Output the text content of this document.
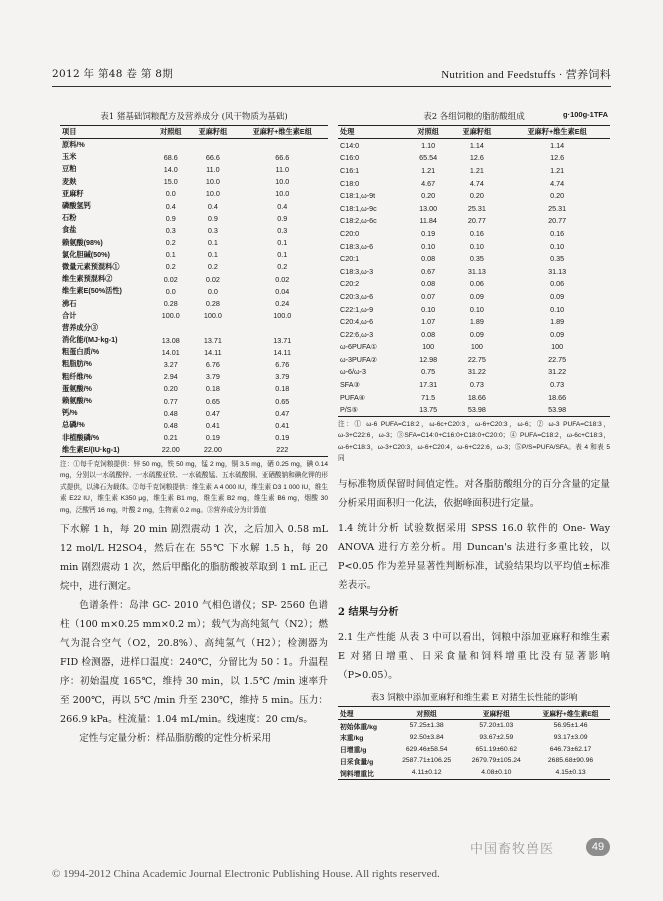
2012 年 第48 卷 第 8期	Nutrition and Feedstuffs · 营养饲料
表1 猪基础饲粮配方及营养成分 (风干物质为基础)
项目	对照组	亚麻籽组	亚麻籽+维生素E组
原料/%			
玉米	68.6	66.6	66.6
豆粕	14.0	11.0	11.0
麦麸	15.0	10.0	10.0
亚麻籽	0.0	10.0	10.0
磷酸氢钙	0.4	0.4	0.4
石粉	0.9	0.9	0.9
食盐	0.3	0.3	0.3
赖氨酸(98%)	0.2	0.1	0.1
氯化胆碱(50%)	0.1	0.1	0.1
微量元素预混料①	0.2	0.2	0.2
维生素预混料②	0.02	0.02	0.02
维生素E(50%活性)	0.0	0.0	0.04
沸石	0.28	0.28	0.24
合计	100.0	100.0	100.0
营养成分③			
消化能/(MJ·kg-1)	13.08	13.71	13.71
粗蛋白质/%	14.01	14.11	14.11
粗脂肪/%	3.27	6.76	6.76
粗纤维/%	2.94	3.79	3.79
蛋氨酸/%	0.20	0.18	0.18
赖氨酸/%	0.77	0.65	0.65
钙/%	0.48	0.47	0.47
总磷/%	0.48	0.41	0.41
非植酸磷/%	0.21	0.19	0.19
维生素E/(IU·kg-1)	22.00	22.00	222
注：①每千克饲粮提供：锌 50 mg，铁 50 mg，锰 2 mg，铜 3.5 mg，硒 0.25 mg，碘 0.14 mg，分别以一水硫酸锌、一水硫酸亚铁、一水硫酸锰、五水硫酸铜、亚硒酸钠和碘化钾的形式提供，以沸石为载体。②每千克饲粮提供：维生素 A 4 000 IU，维生素 D3 1 000 IU，维生素 E22 IU，维生素 K350 μg，维生素 B1 mg，维生素 B2 mg，维生素 B6 mg，烟酸 30 mg，泛酸钙 16 mg，叶酸 2 mg，生物素 0.2 mg。③营养成分为计算值

下水解 1 h，每 20 min 剧烈震动 1 次，之后加入 0.58 mL 12 mol/L H2SO4，然后在在 55℃ 下水解 1.5 h，每 20 min 剧烈震动 1 次，然后甲酯化的脂肪酸被萃取到 1 mL 正己烷中，进行测定。

色谱条件：岛津 GC- 2010 气相色谱仪；SP- 2560 色谱柱（100 m×0.25 mm×0.2 m）；载气为高纯氮气（N2）；燃气为混合空气（O2，20.8%）、高纯氢气（H2）；检测器为 FID 检测器，进样口温度：240℃，分留比为 50∶1。升温程序：初始温度 165℃，维持 30 min，以 1.5℃ /min 速率升至 200℃，再以 5℃ /min 升至 230℃，维持 5 min。压力：266.9 kPa。柱流量：1.04 mL/min。线速度：20 cm/s。

定性与定量分析：样品脂肪酸的定性分析采用

表2 各组饲粮的脂肪酸组成	g·100g-1TFA
处理	对照组	亚麻籽组	亚麻籽+维生素E组
C14:0	1.10	1.14	1.14
C16:0	65.54	12.6	12.6
C16:1	1.21	1.21	1.21
C18:0	4.67	4.74	4.74
C18:1,ω-9t	0.20	0.20	0.20
C18:1,ω-9c	13.00	25.31	25.31
C18:2,ω-6c	11.84	20.77	20.77
C20:0	0.19	0.16	0.16
C18:3,ω-6	0.10	0.10	0.10
C20:1	0.08	0.35	0.35
C18:3,ω-3	0.67	31.13	31.13
C20:2	0.08	0.06	0.06
C20:3,ω-6	0.07	0.09	0.09
C22:1,ω-9	0.10	0.10	0.10
C20:4,ω-6	1.07	1.89	1.89
C22:6,ω-3	0.08	0.09	0.09
ω-6PUFA①	100	100	100
ω-3PUFA②	12.98	22.75	22.75
ω-6/ω-3	0.75	31.22	31.22
SFA③	17.31	0.73	0.73
PUFA④	71.5	18.66	18.66
P/S⑤	13.75	53.98	53.98
注：① ω-6 PUFA=C18:2，ω-6c+C20:3，ω-6+C20:3，ω-6；② ω-3 PUFA=C18:3，ω-3+C22:6，ω-3；③SFA=C14:0+C16:0+C18:0+C20:0；④ PUFA=C18:2，ω-6c+C18:3，ω-6+C18:3，ω-3+C20:3，ω-6+C20:4，ω-6+C22:6，ω-3；⑤P/S=PUFA/SFA。表 4 和表 5 同

与标准物质保留时间值定性。对各脂肪酸组分的百分含量的定量分析采用面积归一化法，依据峰面积进行定量。

1.4 统计分析 试验数据采用 SPSS 16.0 软件的 One- Way ANOVA 进行方差分析。用 Duncan's 法进行多重比较，以 P<0.05 作为差异显著性判断标准，试验结果均以平均值±标准差表示。

2 结果与分析

2.1 生产性能 从表 3 中可以看出，饲粮中添加亚麻籽和维生素 E 对猪日增重、日采食量和饲料增重比没有显著影响（P>0.05）。

表3 饲粮中添加亚麻籽和维生素 E 对猪生长性能的影响
处理	对照组	亚麻籽组	亚麻籽+维生素E组
初始体重/kg	57.25±1.38	57.20±1.03	56.95±1.46
末重/kg	92.50±3.84	93.67±2.59	93.17±3.09
日增重/g	629.46±58.54	651.19±60.62	646.73±62.17
日采食量/g	2587.71±106.25	2679.79±105.24	2685.68±90.96
饲料增重比	4.11±0.12	4.08±0.10	4.15±0.13
中国畜牧兽医	49
© 1994-2012 China Academic Journal Electronic Publishing House. All rights reserved.
